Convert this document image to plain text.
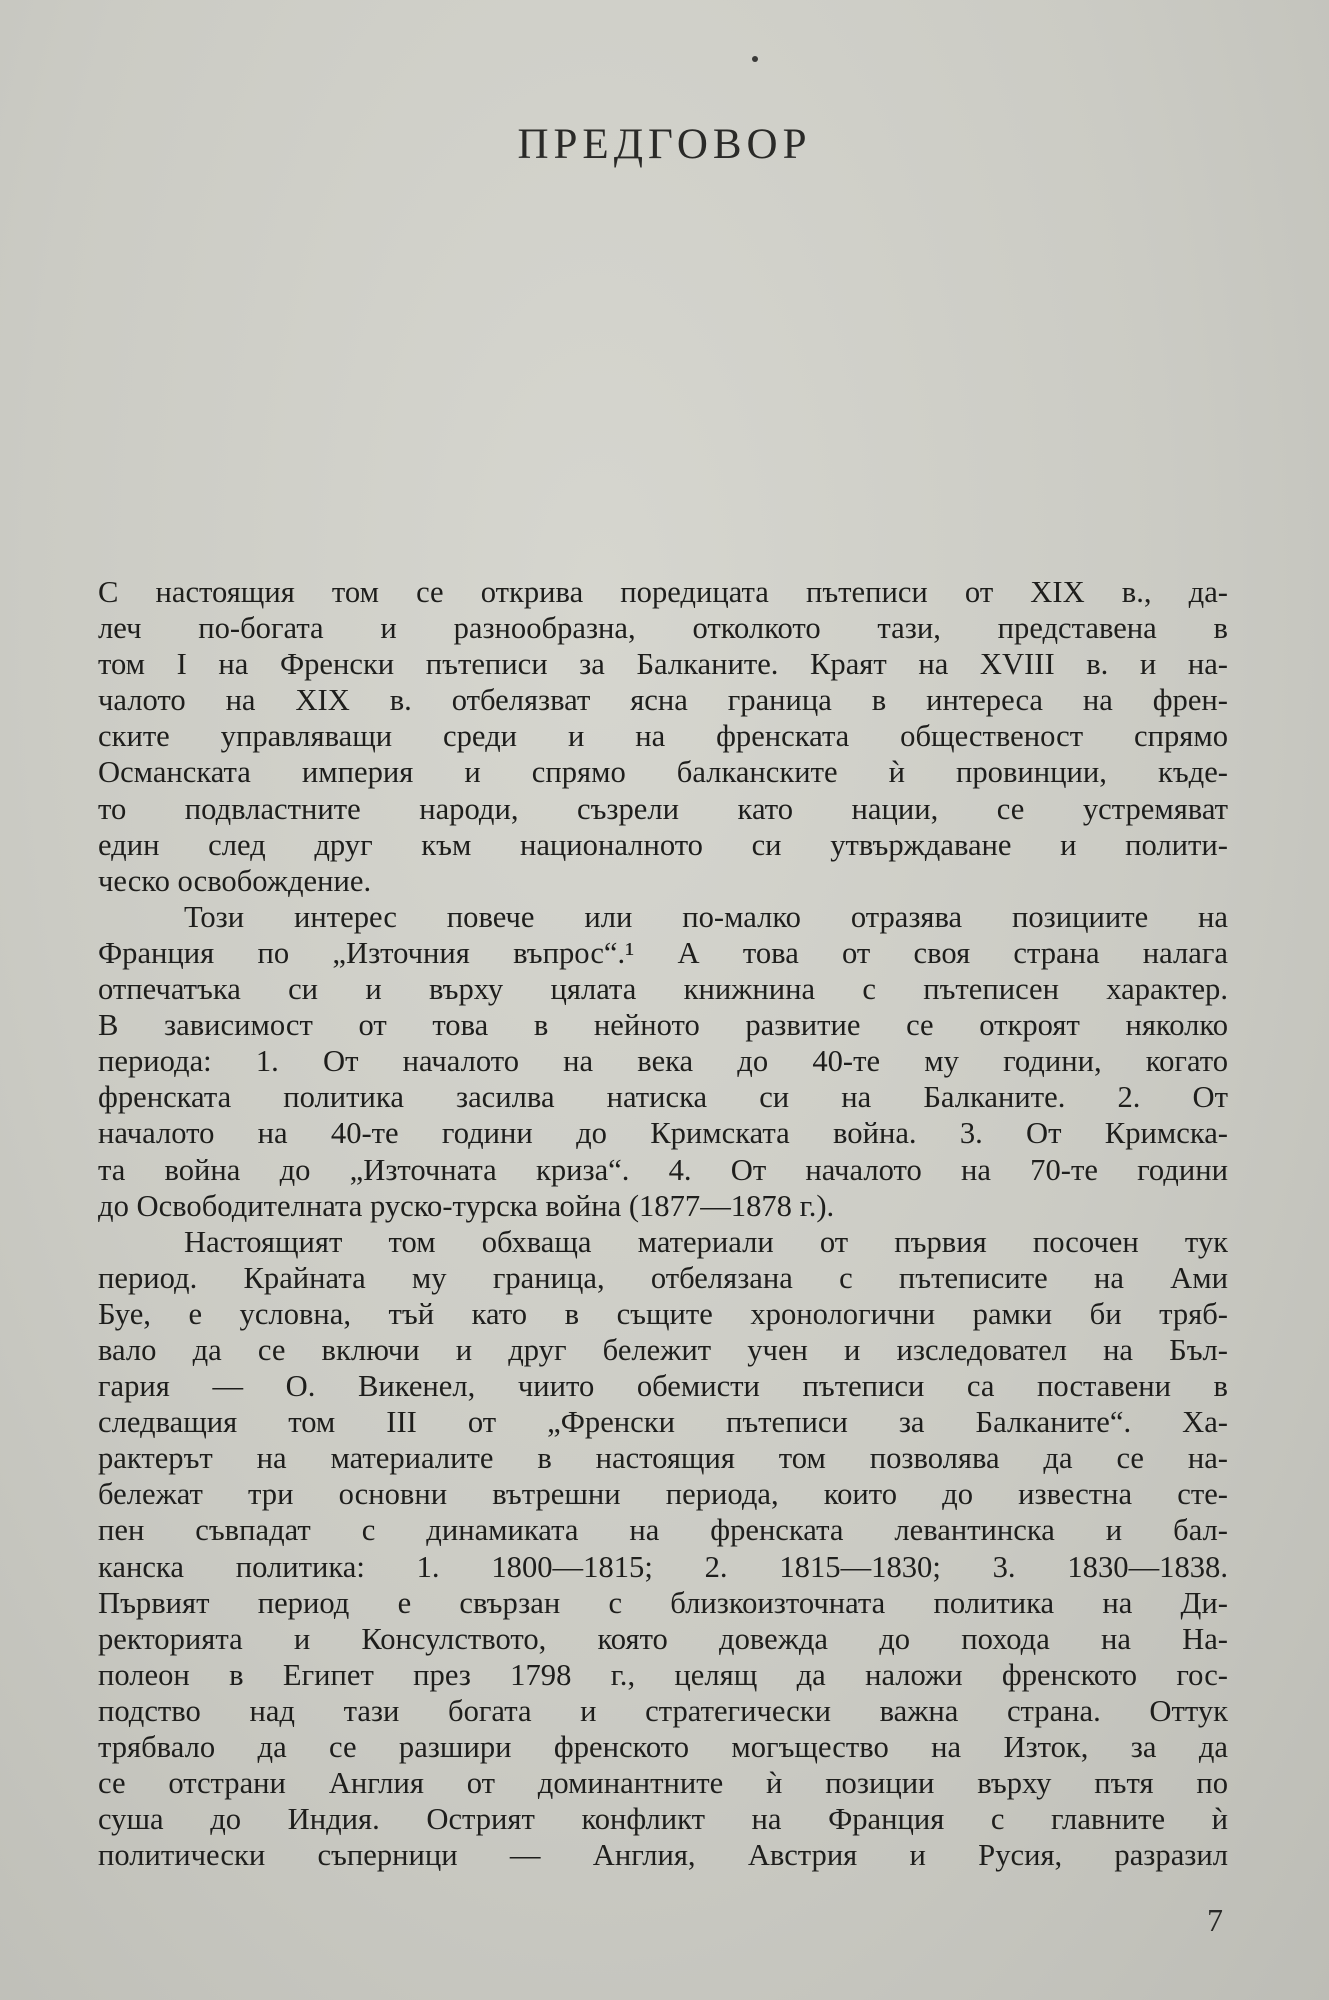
ПРЕДГОВОР
С настоящия том се открива поредицата пътеписи от XIX в., да-
леч по-богата и разнообразна, отколкото тази, представена в
том I на Френски пътеписи за Балканите. Краят на XVIII в. и на-
чалото на XIX в. отбелязват ясна граница в интереса на френ-
ските управляващи среди и на френската общественост спрямо
Османската империя и спрямо балканските ѝ провинции, къде-
то подвластните народи, съзрели като нации, се устремяват
един след друг към националното си утвърждаване и полити-
ческо освобождение.
Този интерес повече или по-малко отразява позициите на
Франция по „Източния въпрос“.¹ А това от своя страна налага
отпечатъка си и върху цялата книжнина с пътеписен характер.
В зависимост от това в нейното развитие се откроят няколко
периода: 1. От началото на века до 40-те му години, когато
френската политика засилва натиска си на Балканите. 2. От
началото на 40-те години до Кримската война. 3. От Кримска-
та война до „Източната криза“. 4. От началото на 70-те години
до Освободителната руско-турска война (1877—1878 г.).
Настоящият том обхваща материали от първия посочен тук
период. Крайната му граница, отбелязана с пътеписите на Ами
Буе, е условна, тъй като в същите хронологични рамки би тряб-
вало да се включи и друг бележит учен и изследовател на Бъл-
гария — О. Викенел, чиито обемисти пътеписи са поставени в
следващия том III от „Френски пътеписи за Балканите“. Ха-
рактерът на материалите в настоящия том позволява да се на-
бележат три основни вътрешни периода, които до известна сте-
пен съвпадат с динамиката на френската левантинска и бал-
канска политика: 1. 1800—1815; 2. 1815—1830; 3. 1830—1838.
Първият период е свързан с близкоизточната политика на Ди-
ректорията и Консулството, която довежда до похода на На-
полеон в Египет през 1798 г., целящ да наложи френското гос-
подство над тази богата и стратегически важна страна. Оттук
трябвало да се разшири френското могъщество на Изток, за да
се отстрани Англия от доминантните ѝ позиции върху пътя по
суша до Индия. Острият конфликт на Франция с главните ѝ
политически съперници — Англия, Австрия и Русия, разразил
7
